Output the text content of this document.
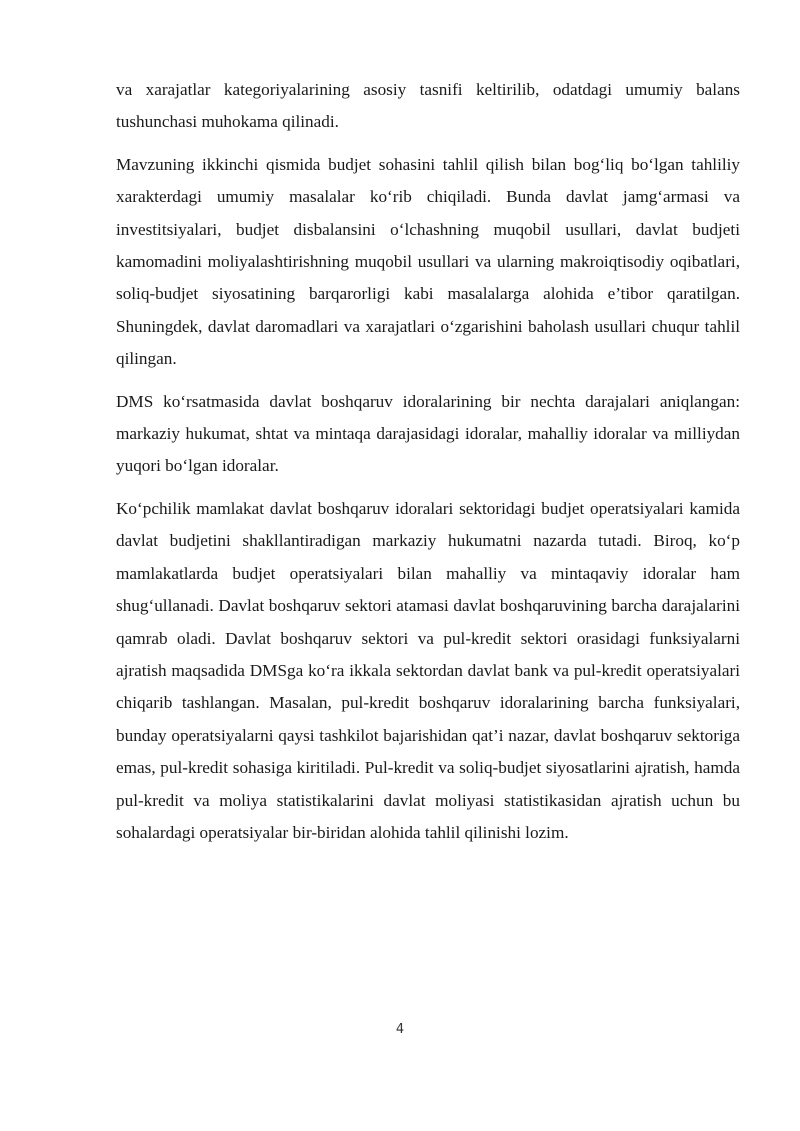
va xarajatlar kategoriyalarining asosiy tasnifi keltirilib, odatdagi umumiy balans tushunchasi muhokama qilinadi.

Mavzuning ikkinchi qismida budjet sohasini tahlil qilish bilan bog‘liq bo‘lgan tahliliy xarakterdagi umumiy masalalar ko‘rib chiqiladi. Bunda davlat jamg‘armasi va investitsiyalari, budjet disbalansini o‘lchashning muqobil usullari, davlat budjeti kamomadini moliyalashtirishning muqobil usullari va ularning makroiqtisodiy oqibatlari, soliq-budjet siyosatining barqarorligi kabi masalalarga alohida e’tibor qaratilgan. Shuningdek, davlat daromadlari va xarajatlari o‘zgarishini baholash usullari chuqur tahlil qilingan.

DMS ko‘rsatmasida davlat boshqaruv idoralarining bir nechta darajalari aniqlangan: markaziy hukumat, shtat va mintaqa darajasidagi idoralar, mahalliy idoralar va milliydan yuqori bo‘lgan idoralar.

Ko‘pchilik mamlakat davlat boshqaruv idoralari sektoridagi budjet operatsiyalari kamida davlat budjetini shakllantiradigan markaziy hukumatni nazarda tutadi. Biroq, ko‘p mamlakatlarda budjet operatsiyalari bilan mahalliy va mintaqaviy idoralar ham shug‘ullanadi. Davlat boshqaruv sektori atamasi davlat boshqaruvining barcha darajalarini qamrab oladi. Davlat boshqaruv sektori va pul-kredit sektori orasidagi funksiyalarni ajratish maqsadida DMSga ko‘ra ikkala sektordan davlat bank va pul-kredit operatsiyalari chiqarib tashlangan. Masalan, pul-kredit boshqaruv idoralarining barcha funksiyalari, bunday operatsiyalarni qaysi tashkilot bajarishidan qat’i nazar, davlat boshqaruv sektoriga emas, pul-kredit sohasiga kiritiladi. Pul-kredit va soliq-budjet siyosatlarini ajratish, hamda pul-kredit va moliya statistikalarini davlat moliyasi statistikasidan ajratish uchun bu sohalardagi operatsiyalar bir-biridan alohida tahlil qilinishi lozim.

4
